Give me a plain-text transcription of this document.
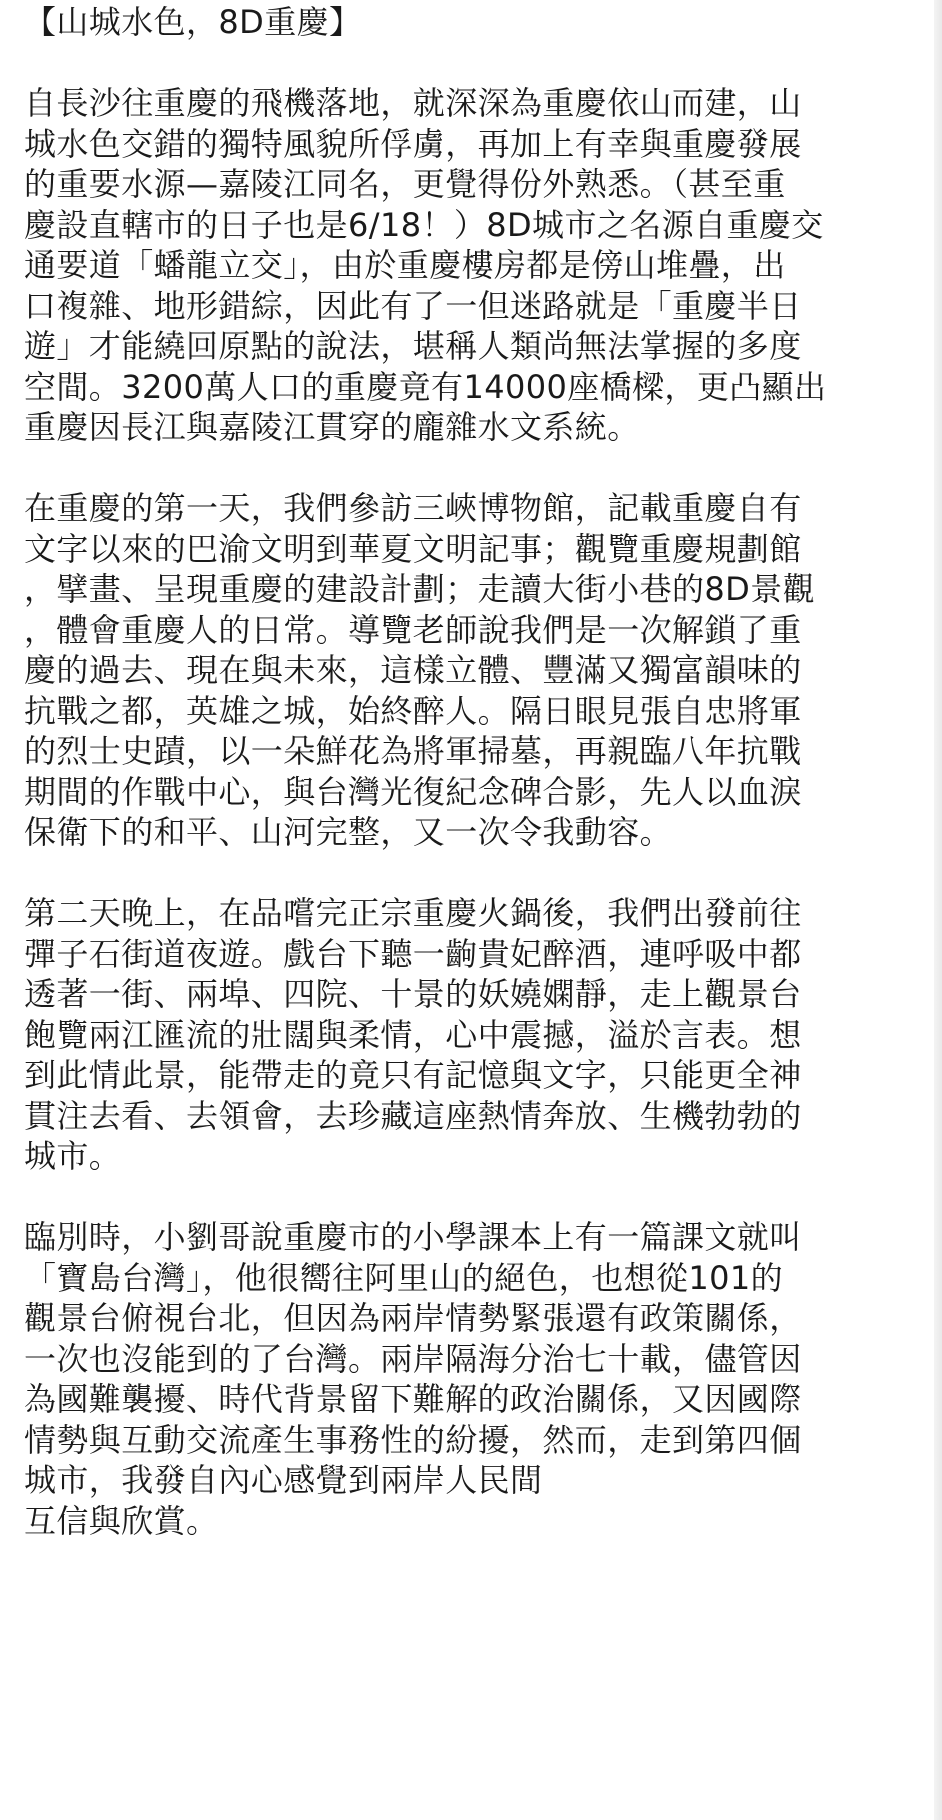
【山城水色，8D重慶】
自長沙往重慶的飛機落地，就深深為重慶依山而建，山
城水色交錯的獨特風貌所俘虜，再加上有幸與重慶發展
的重要水源—嘉陵江同名，更覺得份外熟悉。（甚至重
慶設直轄市的日子也是6/18！）8D城市之名源自重慶交
通要道「蟠龍立交」，由於重慶樓房都是傍山堆疊，出
口複雜、地形錯綜，因此有了一但迷路就是「重慶半日
遊」才能繞回原點的說法，堪稱人類尚無法掌握的多度
空間。3200萬人口的重慶竟有14000座橋樑，更凸顯出
重慶因長江與嘉陵江貫穿的龐雜水文系統。
在重慶的第一天，我們參訪三峽博物館，記載重慶自有
文字以來的巴渝文明到華夏文明記事；觀覽重慶規劃館
，擘畫、呈現重慶的建設計劃；走讀大街小巷的8D景觀
，體會重慶人的日常。導覽老師說我們是一次解鎖了重
慶的過去、現在與未來，這樣立體、豐滿又獨富韻味的
抗戰之都，英雄之城，始終醉人。隔日眼見張自忠將軍
的烈士史蹟，以一朵鮮花為將軍掃墓，再親臨八年抗戰
期間的作戰中心，與台灣光復紀念碑合影，先人以血淚
保衛下的和平、山河完整，又一次令我動容。
第二天晚上，在品嚐完正宗重慶火鍋後，我們出發前往
彈子石街道夜遊。戲台下聽一齣貴妃醉酒，連呼吸中都
透著一街、兩埠、四院、十景的妖嬈嫻靜，走上觀景台
飽覽兩江匯流的壯闊與柔情，心中震撼，溢於言表。想
到此情此景，能帶走的竟只有記憶與文字，只能更全神
貫注去看、去領會，去珍藏這座熱情奔放、生機勃勃的
城市。
臨別時，小劉哥說重慶市的小學課本上有一篇課文就叫
「寶島台灣」，他很嚮往阿里山的絕色，也想從101的
觀景台俯視台北，但因為兩岸情勢緊張還有政策關係，
一次也沒能到的了台灣。兩岸隔海分治七十載，儘管因
為國難襲擾、時代背景留下難解的政治關係，又因國際
情勢與互動交流產生事務性的紛擾，然而，走到第四個
城市，我發自內心感覺到兩岸人民間
互信與欣賞。
